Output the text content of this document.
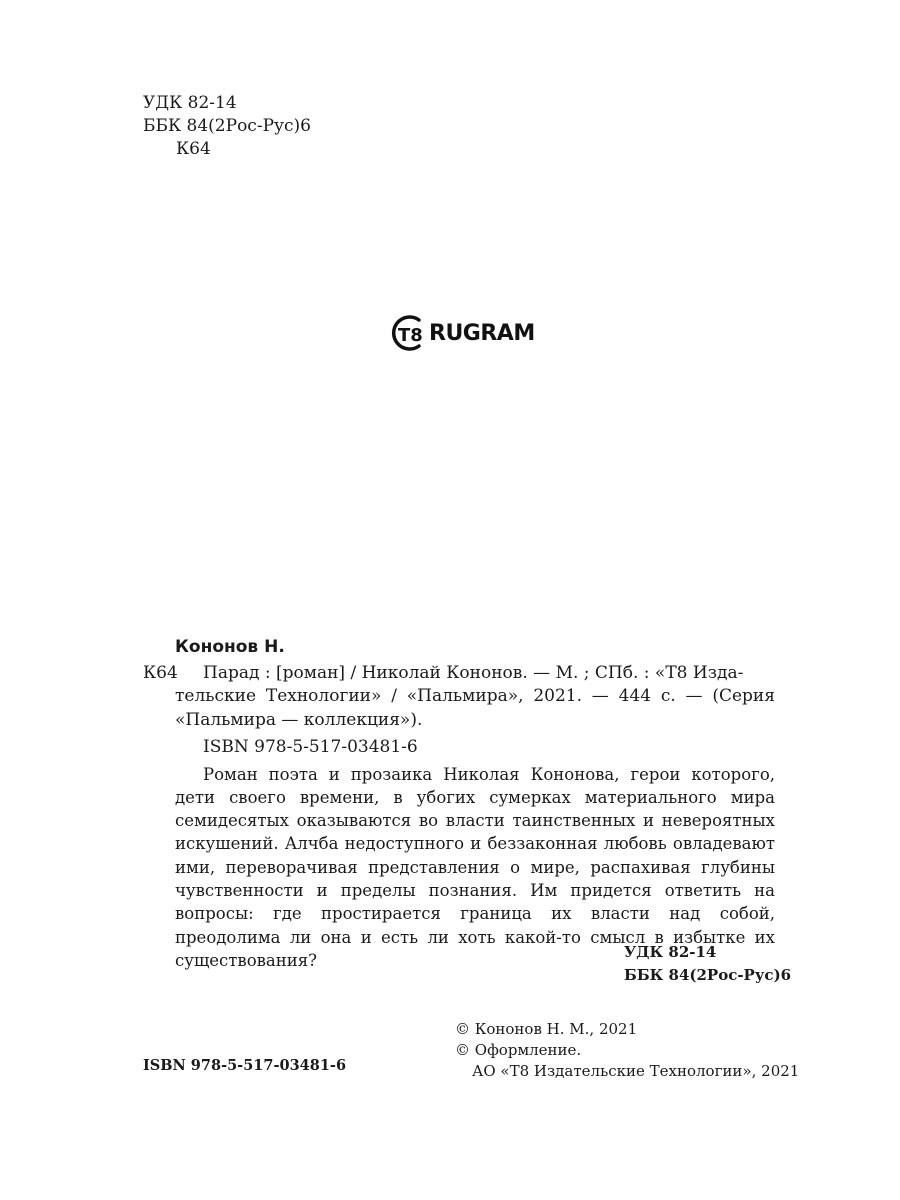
УДК 82-14
ББК 84(2Рос-Рус)6
К64
T8 RUGRAM
Кононов Н.
К64	Парад : [роман] / Николай Кононов. — М. ; СПб. : «Т8 Изда-
тельские Технологии» / «Пальмира», 2021. — 444 с. — (Серия «Пальмира — коллекция»).
ISBN 978-5-517-03481-6
Роман поэта и прозаика Николая Кононова, герои которого, дети своего времени, в убогих сумерках материального мира семидесятых оказываются во власти таинственных и невероятных искушений. Алчба недоступного и беззаконная любовь овладевают ими, переворачивая представления о мире, распахивая глубины чувственности и пределы познания. Им придется ответить на вопросы: где простирается граница их власти над собой, преодолима ли она и есть ли хоть какой-то смысл в избытке их существования?	УДК 82-14
ББК 84(2Рос-Рус)6
© Кононов Н. М., 2021
© Оформление.
АО «Т8 Издательские Технологии», 2021
ISBN 978-5-517-03481-6
